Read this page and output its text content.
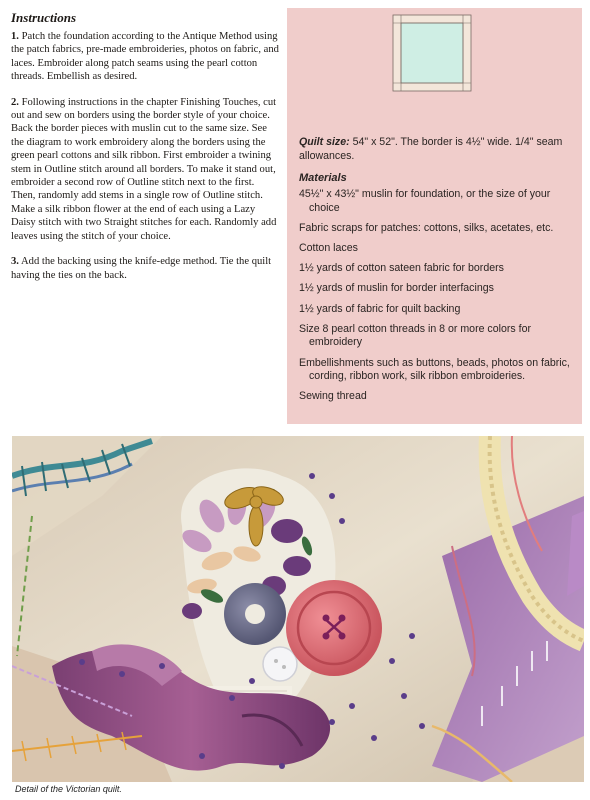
Instructions

1. Patch the foundation according to the Antique Method using the patch fabrics, pre-made embroideries, photos on fabric, and laces. Embroider along patch seams using the pearl cotton threads. Embellish as desired.

2. Following instructions in the chapter Finishing Touches, cut out and sew on borders using the border style of your choice. Back the border pieces with muslin cut to the same size. See the diagram to work embroidery along the borders using the green pearl cottons and silk ribbon. First embroider a twining stem in Outline stitch around all borders. To make it stand out, embroider a second row of Outline stitch next to the first. Then, randomly add stems in a single row of Outline stitch. Make a silk ribbon flower at the end of each using a Lazy Daisy stitch with two Straight stitches for each. Randomly add leaves using the stitch of your choice.

3. Add the backing using the knife-edge method. Tie the quilt having the ties on the back.

Quilt size: 54" x 52". The border is 4½" wide. 1/4" seam allowances.
Materials
45½" x 43½" muslin for foundation, or the size of your choice
Fabric scraps for patches: cottons, silks, acetates, etc.
Cotton laces
1½ yards of cotton sateen fabric for borders
1½ yards of muslin for border interfacings
1½ yards of fabric for quilt backing
Size 8 pearl cotton threads in 8 or more colors for embroidery
Embellishments such as buttons, beads, photos on fabric, cording, ribbon work, silk ribbon embroideries.
Sewing thread
Detail of the Victorian quilt.
